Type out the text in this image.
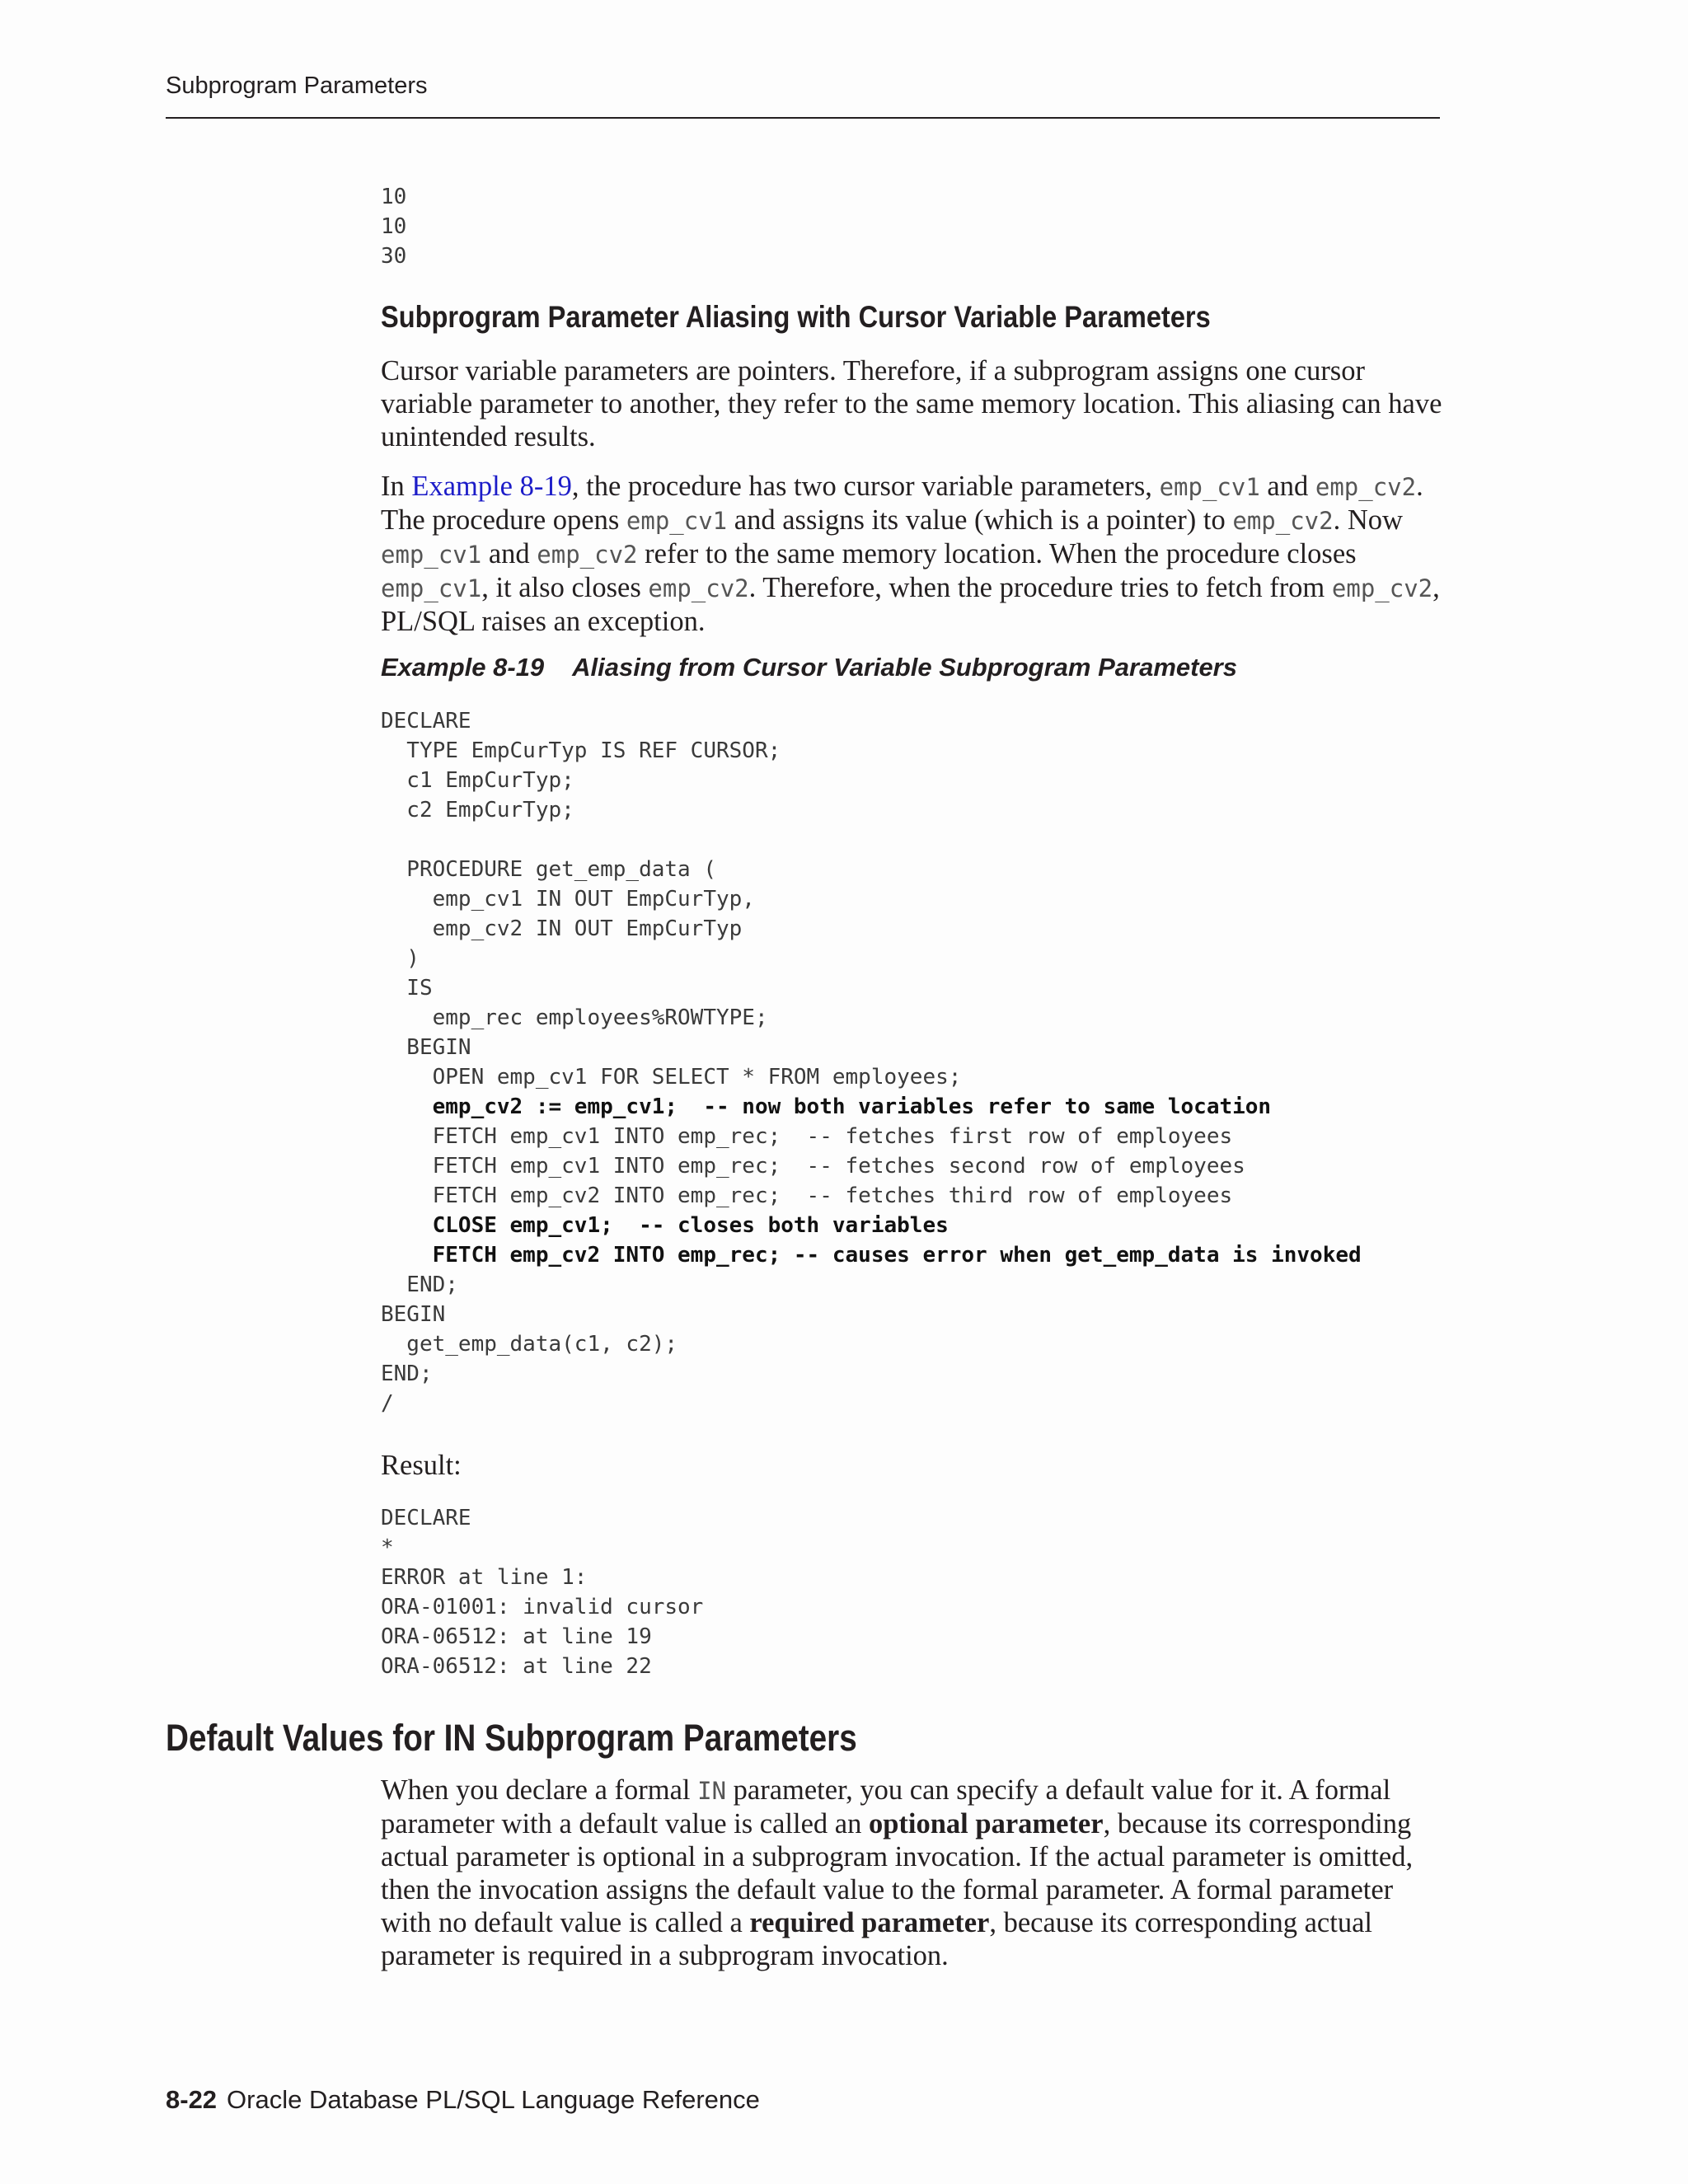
Subprogram Parameters
10
10
30
Subprogram Parameter Aliasing with Cursor Variable Parameters

Cursor variable parameters are pointers. Therefore, if a subprogram assigns one cursor variable parameter to another, they refer to the same memory location. This aliasing can have unintended results.

In Example 8-19, the procedure has two cursor variable parameters, emp_cv1 and emp_cv2. The procedure opens emp_cv1 and assigns its value (which is a pointer) to emp_cv2. Now emp_cv1 and emp_cv2 refer to the same memory location. When the procedure closes emp_cv1, it also closes emp_cv2. Therefore, when the procedure tries to fetch from emp_cv2, PL/SQL raises an exception.

Example 8-19 Aliasing from Cursor Variable Subprogram Parameters
DECLARE
TYPE EmpCurTyp IS REF CURSOR;
c1 EmpCurTyp;
c2 EmpCurTyp;

PROCEDURE get_emp_data (
emp_cv1 IN OUT EmpCurTyp,
emp_cv2 IN OUT EmpCurTyp
)
IS
emp_rec employees%ROWTYPE;
BEGIN
OPEN emp_cv1 FOR SELECT * FROM employees;
emp_cv2 := emp_cv1;  -- now both variables refer to same location
FETCH emp_cv1 INTO emp_rec;  -- fetches first row of employees
FETCH emp_cv1 INTO emp_rec;  -- fetches second row of employees
FETCH emp_cv2 INTO emp_rec;  -- fetches third row of employees
CLOSE emp_cv1;  -- closes both variables
FETCH emp_cv2 INTO emp_rec; -- causes error when get_emp_data is invoked
END;
BEGIN
get_emp_data(c1, c2);
END;
/

Result:

DECLARE
*
ERROR at line 1:
ORA-01001: invalid cursor
ORA-06512: at line 19
ORA-06512: at line 22
Default Values for IN Subprogram Parameters

When you declare a formal IN parameter, you can specify a default value for it. A formal parameter with a default value is called an optional parameter, because its corresponding actual parameter is optional in a subprogram invocation. If the actual parameter is omitted, then the invocation assigns the default value to the formal parameter. A formal parameter with no default value is called a required parameter, because its corresponding actual parameter is required in a subprogram invocation.

8-22 Oracle Database PL/SQL Language Reference
